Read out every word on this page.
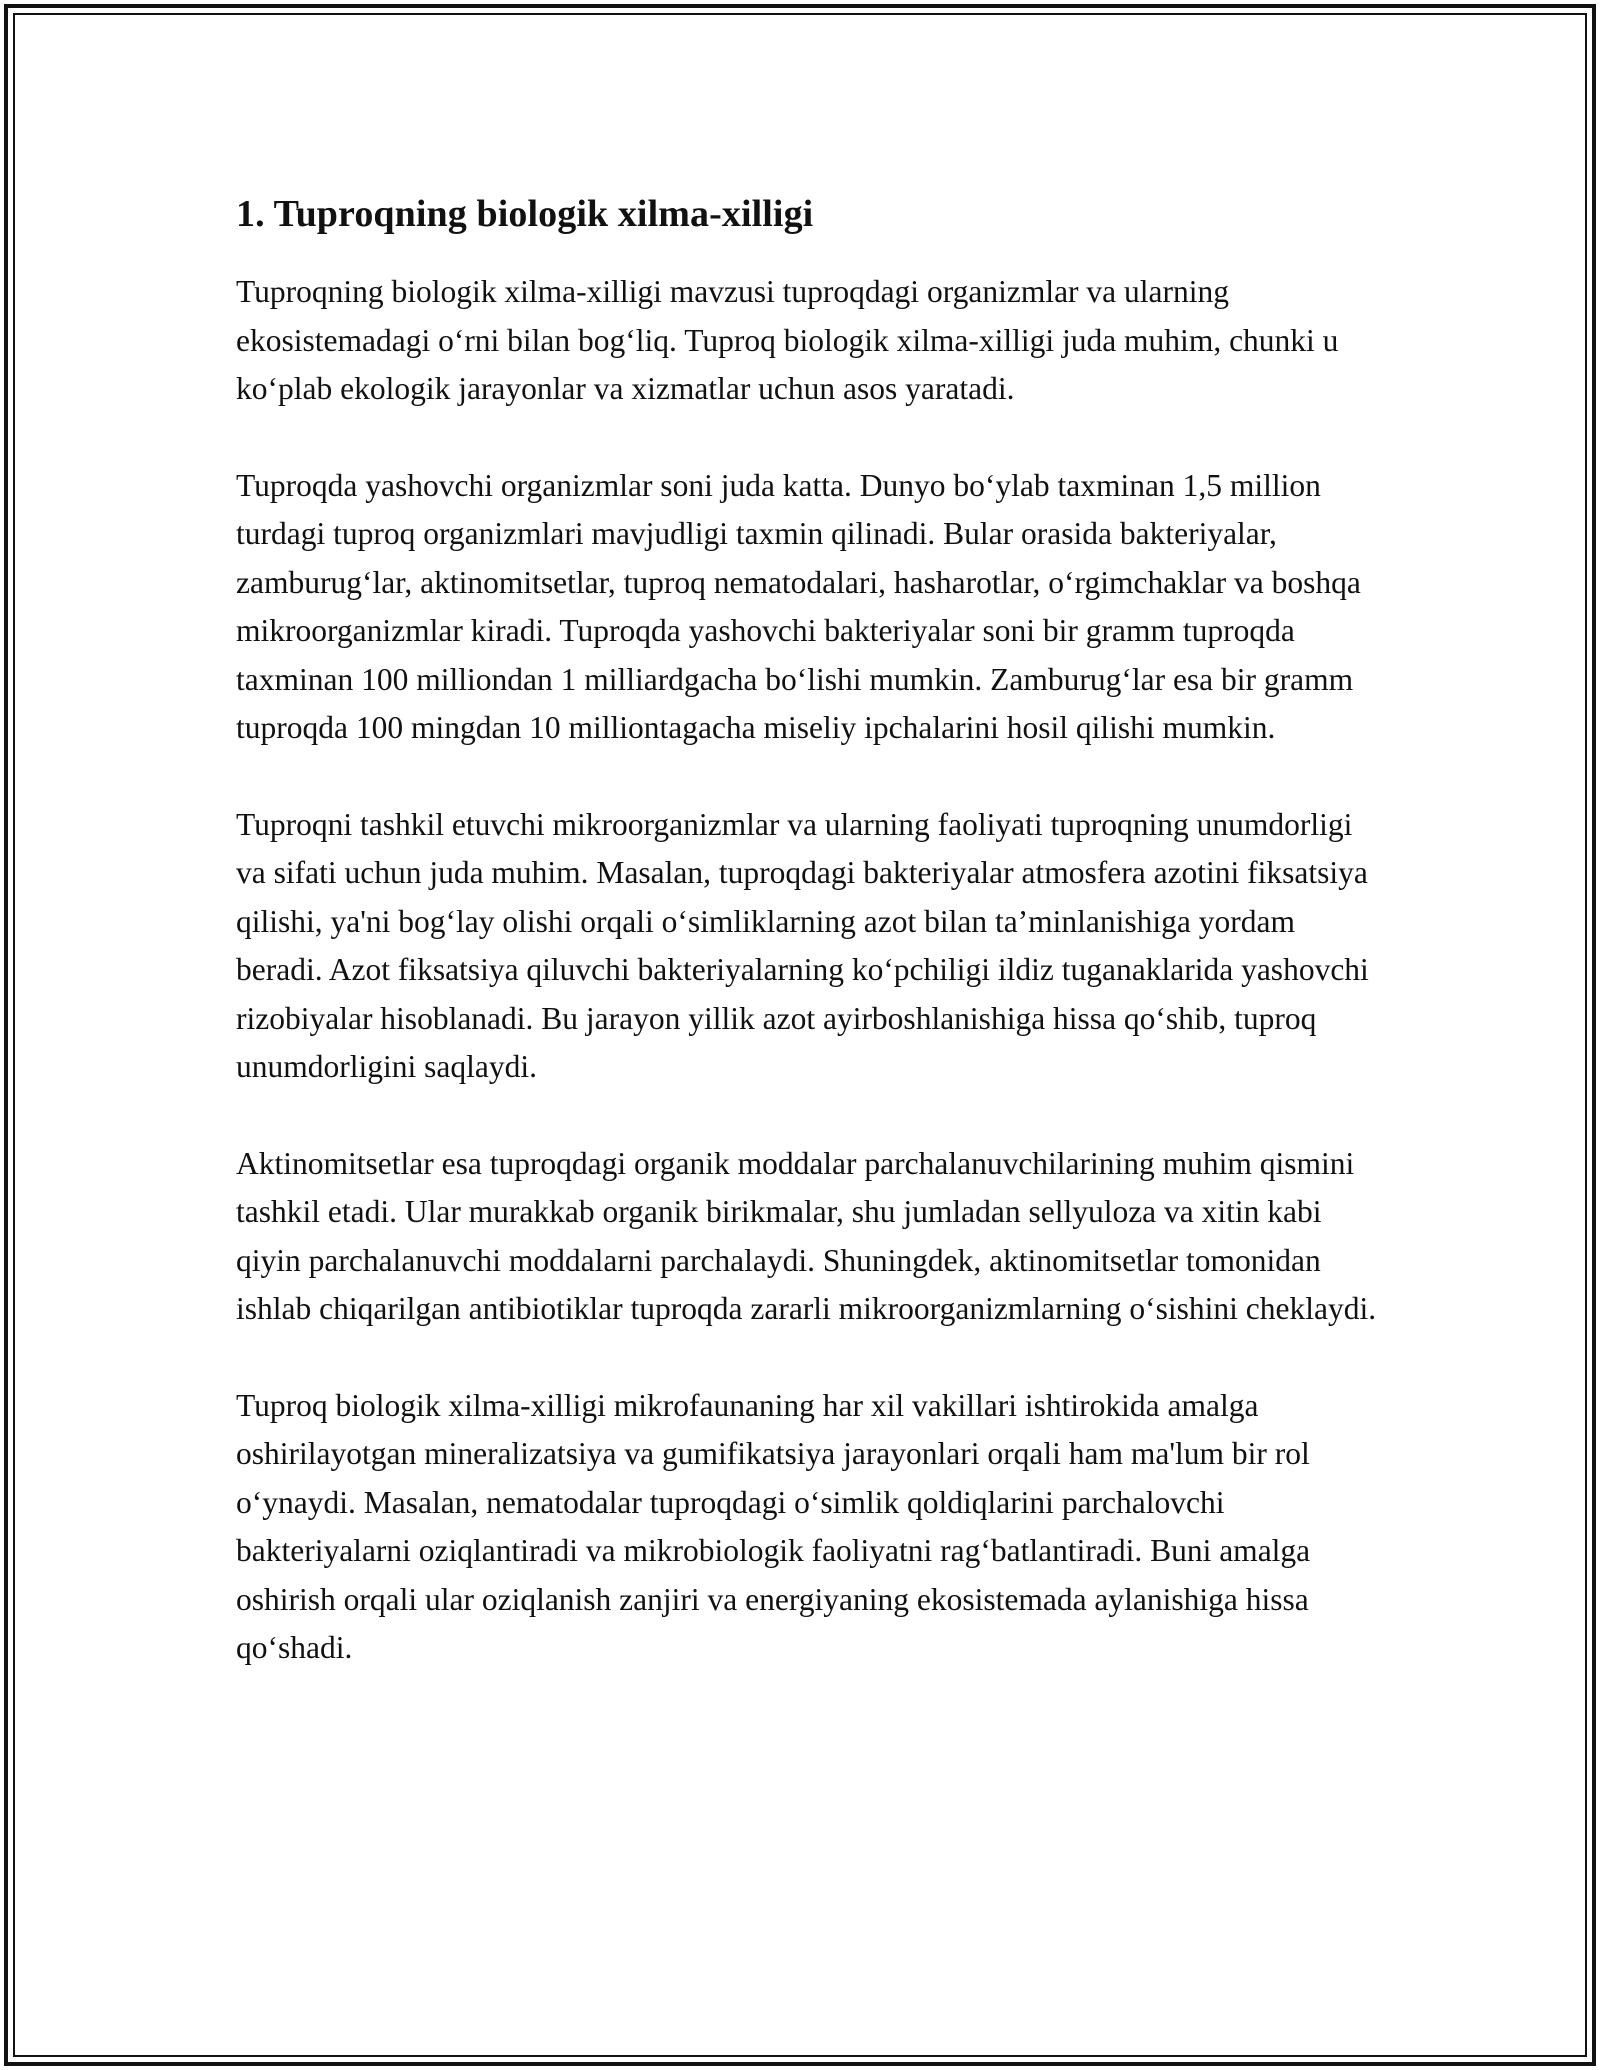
1. Tuproqning biologik xilma-xilligi

Tuproqning biologik xilma-xilligi mavzusi tuproqdagi organizmlar va ularning ekosistemadagi o‘rni bilan bog‘liq. Tuproq biologik xilma-xilligi juda muhim, chunki u ko‘plab ekologik jarayonlar va xizmatlar uchun asos yaratadi.

Tuproqda yashovchi organizmlar soni juda katta. Dunyo bo‘ylab taxminan 1,5 million turdagi tuproq organizmlari mavjudligi taxmin qilinadi. Bular orasida bakteriyalar, zamburug‘lar, aktinomitsetlar, tuproq nematodalari, hasharotlar, o‘rgimchaklar va boshqa mikroorganizmlar kiradi. Tuproqda yashovchi bakteriyalar soni bir gramm tuproqda taxminan 100 milliondan 1 milliardgacha bo‘lishi mumkin. Zamburug‘lar esa bir gramm tuproqda 100 mingdan 10 milliontagacha miseliy ipchalarini hosil qilishi mumkin.

Tuproqni tashkil etuvchi mikroorganizmlar va ularning faoliyati tuproqning unumdorligi va sifati uchun juda muhim. Masalan, tuproqdagi bakteriyalar atmosfera azotini fiksatsiya qilishi, ya'ni bog‘lay olishi orqali o‘simliklarning azot bilan ta’minlanishiga yordam beradi. Azot fiksatsiya qiluvchi bakteriyalarning ko‘pchiligi ildiz tuganaklarida yashovchi rizobiyalar hisoblanadi. Bu jarayon yillik azot ayirboshlanishiga hissa qo‘shib, tuproq unumdorligini saqlaydi.

Aktinomitsetlar esa tuproqdagi organik moddalar parchalanuvchilarining muhim qismini tashkil etadi. Ular murakkab organik birikmalar, shu jumladan sellyuloza va xitin kabi qiyin parchalanuvchi moddalarni parchalaydi. Shuningdek, aktinomitsetlar tomonidan ishlab chiqarilgan antibiotiklar tuproqda zararli mikroorganizmlarning o‘sishini cheklaydi.

Tuproq biologik xilma-xilligi mikrofaunaning har xil vakillari ishtirokida amalga oshirilayotgan mineralizatsiya va gumifikatsiya jarayonlari orqali ham ma'lum bir rol o‘ynaydi. Masalan, nematodalar tuproqdagi o‘simlik qoldiqlarini parchalovchi bakteriyalarni oziqlantiradi va mikrobiologik faoliyatni rag‘batlantiradi. Buni amalga oshirish orqali ular oziqlanish zanjiri va energiyaning ekosistemada aylanishiga hissa qo‘shadi.
